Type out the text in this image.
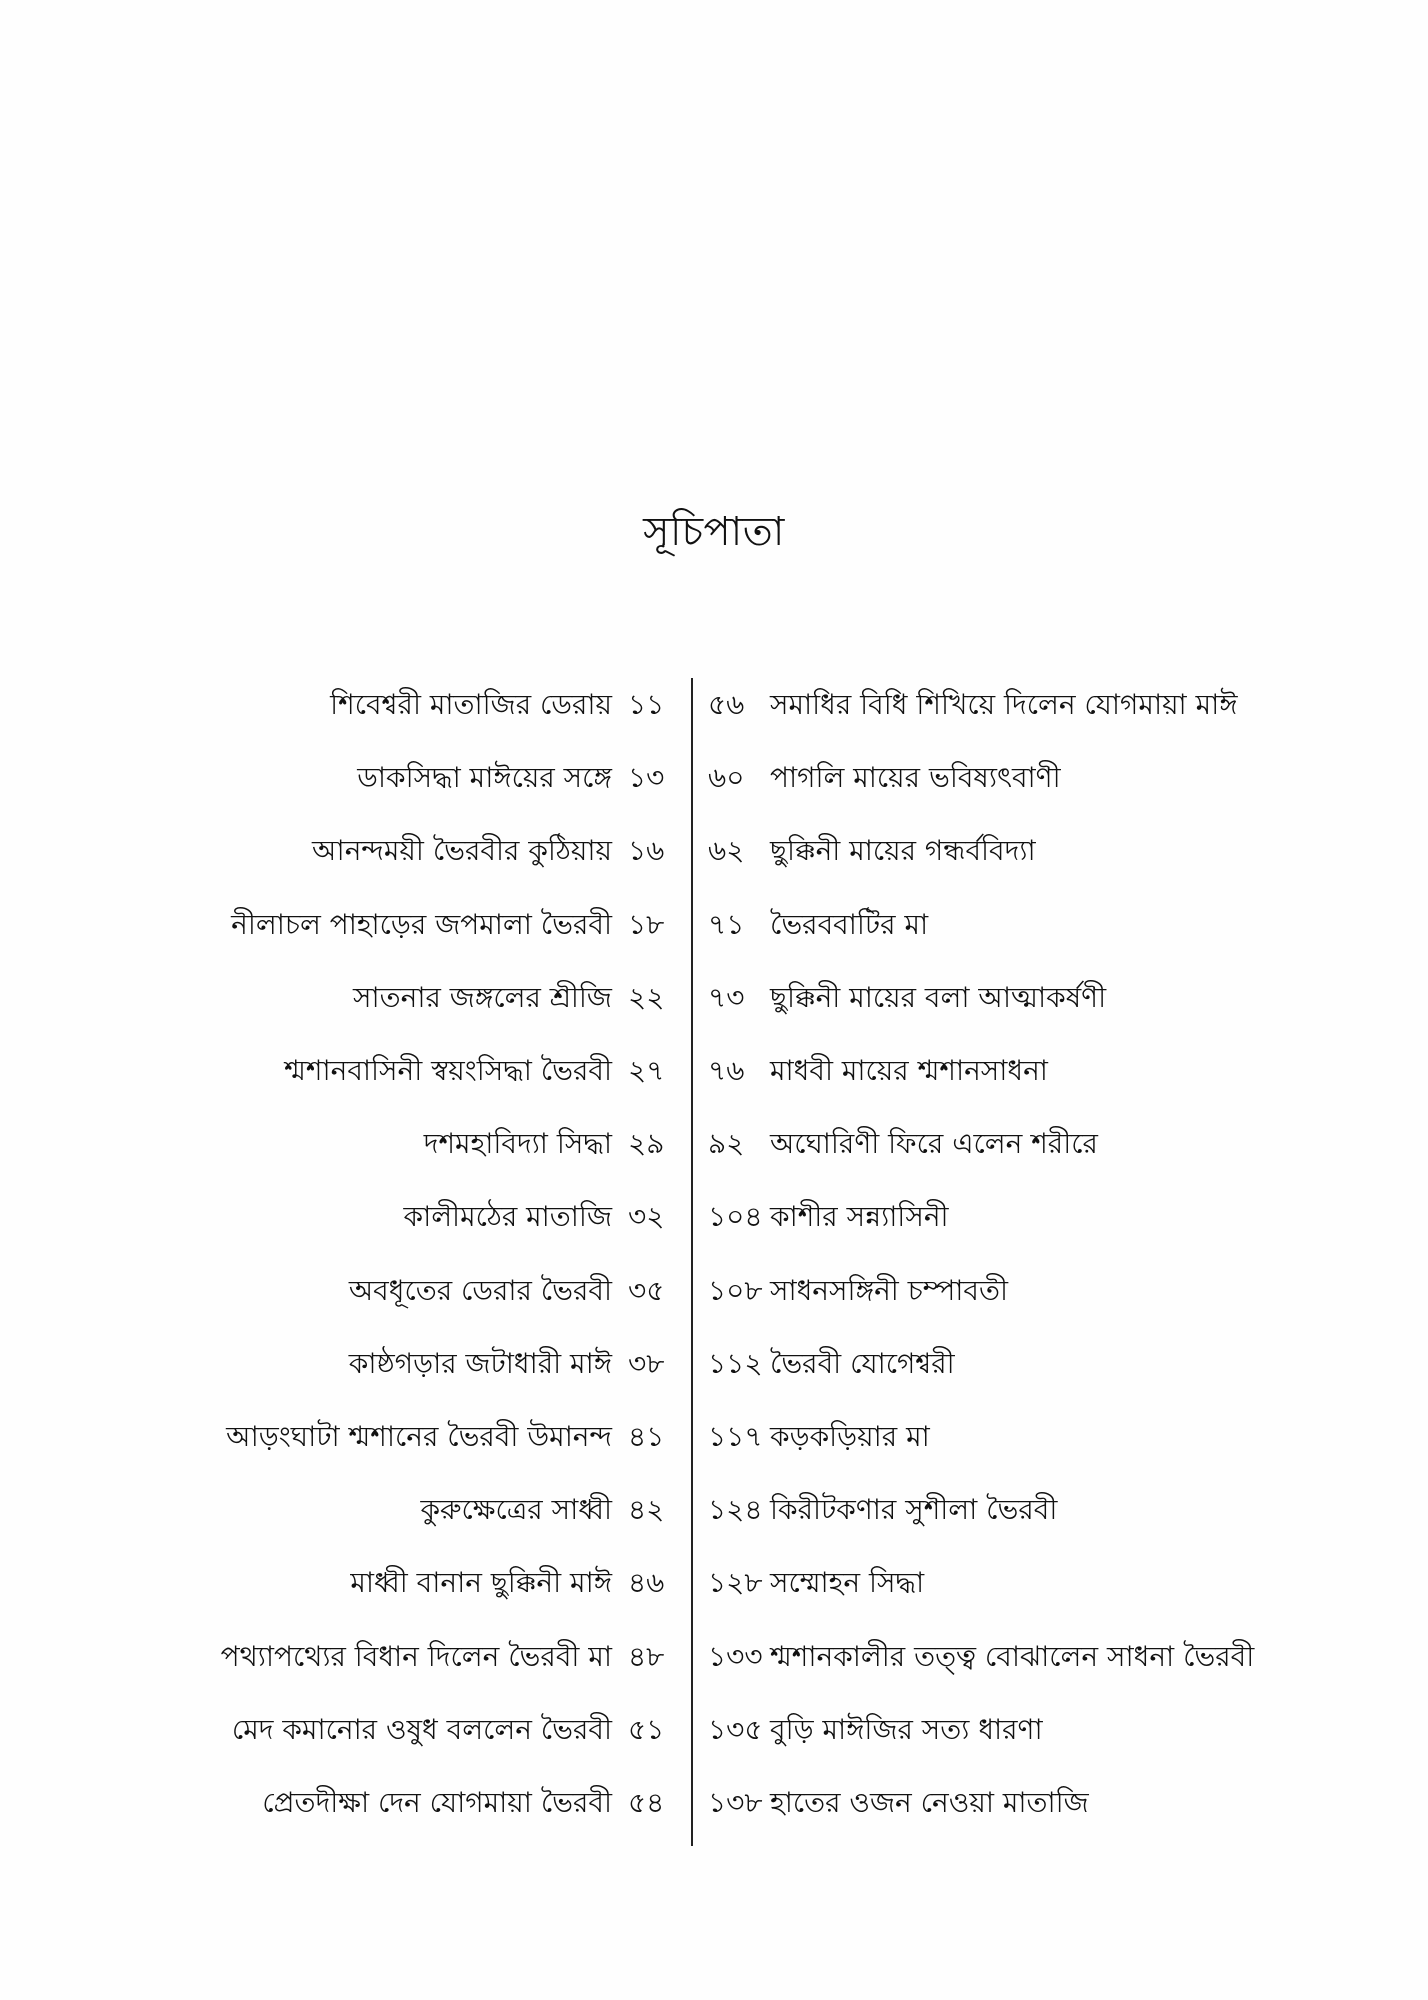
সূচিপাতা
শিবেশ্বরী মাতাজির ডেরায় ১১	৫৬ সমাধির বিধি শিখিয়ে দিলেন যোগমায়া মাঈ
ডাকসিদ্ধা মাঈয়ের সঙ্গে ১৩	৬০ পাগলি মায়ের ভবিষ্যৎবাণী
আনন্দময়ী ভৈরবীর কুঠিয়ায় ১৬	৬২ ছুক্কিনী মায়ের গন্ধর্ববিদ্যা
নীলাচল পাহাড়ের জপমালা ভৈরবী ১৮	৭১ ভৈরববাটির মা
সাতনার জঙ্গলের শ্রীজি ২২	৭৩ ছুক্কিনী মায়ের বলা আত্মাকর্ষণী
শ্মশানবাসিনী স্বয়ংসিদ্ধা ভৈরবী ২৭	৭৬ মাধবী মায়ের শ্মশানসাধনা
দশমহাবিদ্যা সিদ্ধা ২৯	৯২ অঘোরিণী ফিরে এলেন শরীরে
কালীমঠের মাতাজি ৩২	১০৪ কাশীর সন্ন্যাসিনী
অবধূতের ডেরার ভৈরবী ৩৫	১০৮ সাধনসঙ্গিনী চম্পাবতী
কাষ্ঠগড়ার জটাধারী মাঈ ৩৮	১১২ ভৈরবী যোগেশ্বরী
আড়ংঘাটা শ্মশানের ভৈরবী উমানন্দ ৪১	১১৭ কড়কড়িয়ার মা
কুরুক্ষেত্রের সাধ্বী ৪২	১২৪ কিরীটকণার সুশীলা ভৈরবী
মাধ্বী বানান ছুক্কিনী মাঈ ৪৬	১২৮ সম্মোহন সিদ্ধা
পথ্যাপথ্যের বিধান দিলেন ভৈরবী মা ৪৮	১৩৩ শ্মশানকালীর তত্ত্ব বোঝালেন সাধনা ভৈরবী
মেদ কমানোর ওষুধ বললেন ভৈরবী ৫১	১৩৫ বুড়ি মাঈজির সত্য ধারণা
প্রেতদীক্ষা দেন যোগমায়া ভৈরবী ৫৪	১৩৮ হাতের ওজন নেওয়া মাতাজি
